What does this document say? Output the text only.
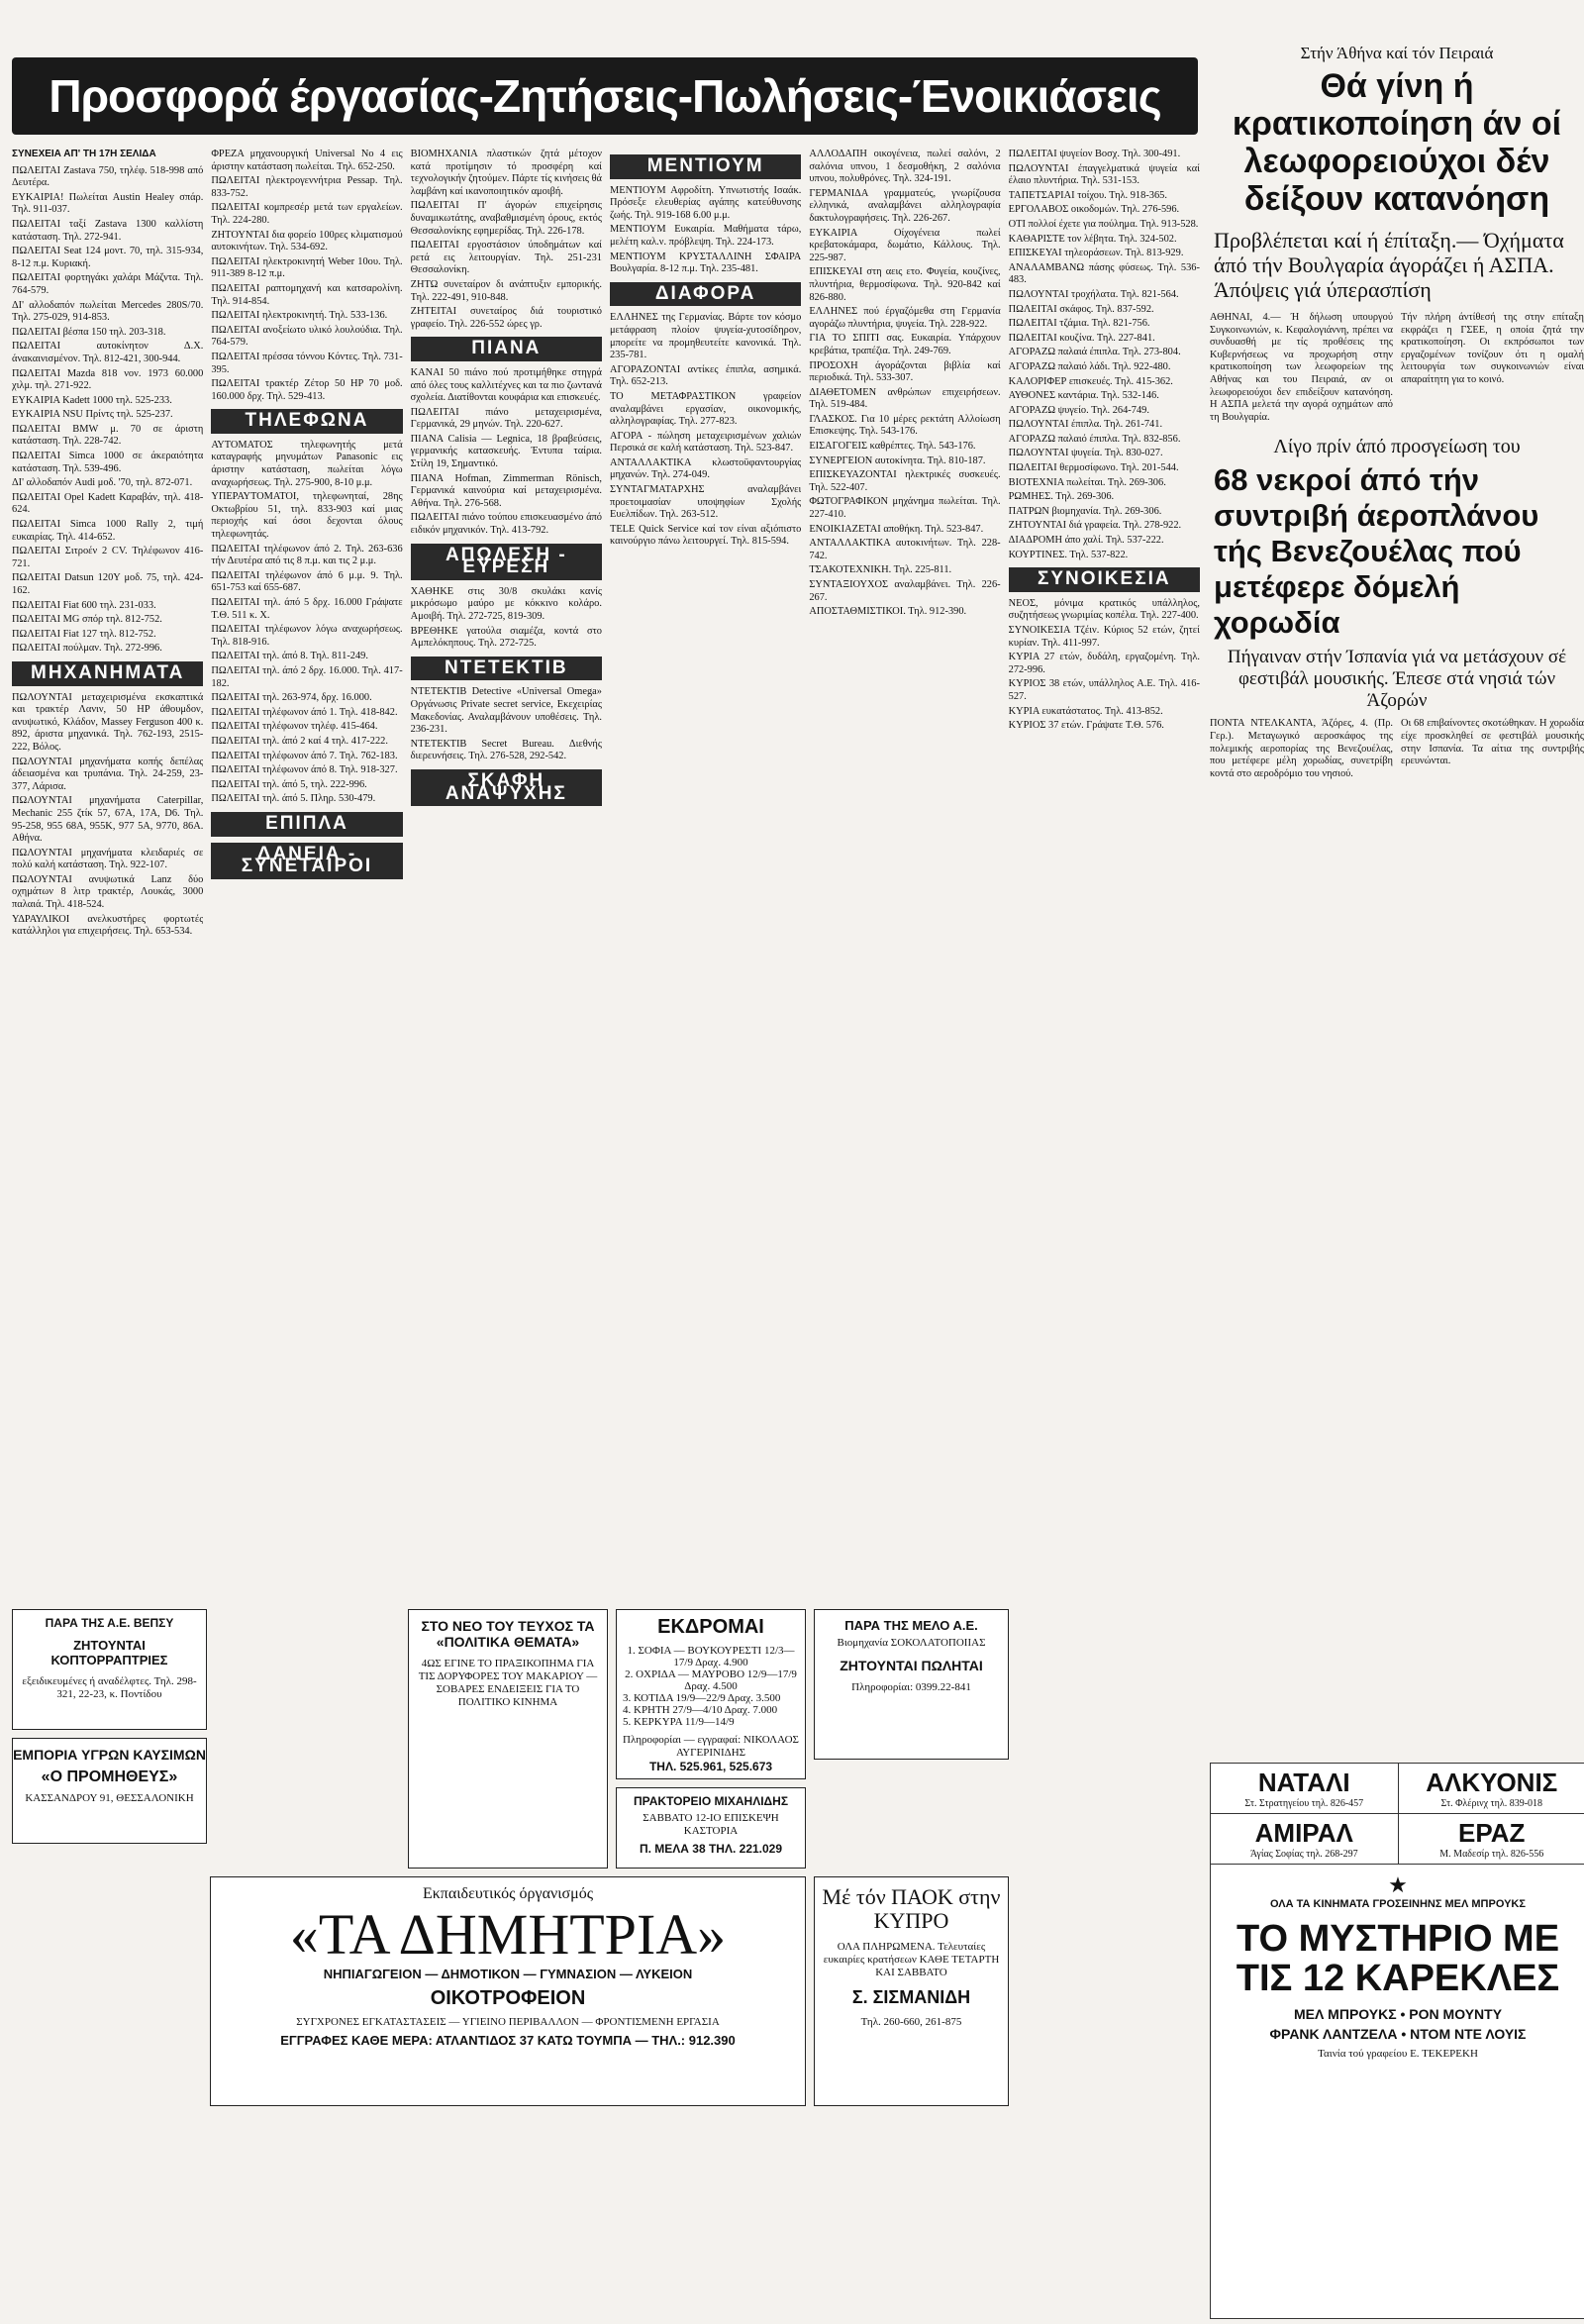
Προσφορά έργασίας-Ζητήσεις-Πωλήσεις-Ένοικιάσεις
ΣΥΝΕΧΕΙΑ ΑΠ' ΤΗ 17Η ΣΕΛΙΔΑ

ΠΩΛΕΙΤΑΙ Zastava 750, τηλέφ. 518-998 από Δευτέρα.

ΕΥΚΑΙΡΙΑ! Πωλείται Austin Healey σπάρ. Τηλ. 911-037.

ΠΩΛΕΙΤΑΙ ταξί Zastava 1300 καλλίστη κατάσταση. Τηλ. 272-941.

ΠΩΛΕΙΤΑΙ Seat 124 μοντ. 70, τηλ. 315-934, 8-12 π.μ. Κυριακή.

ΠΩΛΕΙΤΑΙ φορτηγάκι χαλάρι Μάζντα. Τηλ. 764-579.

ΔΙ' αλλοδαπόν πωλείται Mercedes 280S/70. Τηλ. 275-029, 914-853.

ΠΩΛΕΙΤΑΙ βέσπα 150 τηλ. 203-318.

ΠΩΛΕΙΤΑΙ αυτοκίνητον Δ.Χ. άνακαινισμένον. Τηλ. 812-421, 300-944.

ΠΩΛΕΙΤΑΙ Mazda 818 νον. 1973 60.000 χιλμ. τηλ. 271-922.

ΕΥΚΑΙΡΙΑ Kadett 1000 τηλ. 525-233.

ΕΥΚΑΙΡΙΑ NSU Πρίντς τηλ. 525-237.

ΠΩΛΕΙΤΑΙ BMW μ. 70 σε άριστη κατάσταση. Τηλ. 228-742.

ΠΩΛΕΙΤΑΙ Simca 1000 σε άκεραιότητα κατάσταση. Τηλ. 539-496.

ΔΙ' αλλοδαπόν Audi μοδ. '70, τηλ. 872-071.

ΠΩΛΕΙΤΑΙ Opel Kadett Καραβάν, τηλ. 418-624.

ΠΩΛΕΙΤΑΙ Simca 1000 Rally 2, τιμή ευκαιρίας. Τηλ. 414-652.

ΠΩΛΕΙΤΑΙ Σιτροέν 2 CV. Τηλέφωνον 416-721.

ΠΩΛΕΙΤΑΙ Datsun 120Y μοδ. 75, τηλ. 424-162.

ΠΩΛΕΙΤΑΙ Fiat 600 τηλ. 231-033.

ΠΩΛΕΙΤΑΙ MG σπόρ τηλ. 812-752.

ΠΩΛΕΙΤΑΙ Fiat 127 τηλ. 812-752.

ΠΩΛΕΙΤΑΙ πούλμαν. Τηλ. 272-996.

ΜΗΧΑΝΗΜΑΤΑ

ΠΩΛΟΥΝΤΑΙ μεταχειρισμένα εκσκαπτικά και τρακτέρ Λανιν, 50 HP άθουμδον, ανυψωτικό, Κλάδον, Massey Ferguson 400 κ. 892, άριστα μηχανικά. Τηλ. 762-193, 2515-222, Βόλος.

ΠΩΛΟΥΝΤΑΙ μηχανήματα κοπής δεπέλας άδειασμένα και τρυπάνια. Τηλ. 24-259, 23-377, Λάρισα.

ΠΩΛΟΥΝΤΑΙ μηχανήματα Caterpillar, Mechanic 255 ζτίκ 57, 67Α, 17Α, D6. Τηλ. 95-258, 955 68Α, 955Κ, 977 5Α, 9770, 86Α. Αθήνα.

ΠΩΛΟΥΝΤΑΙ μηχανήματα κλειδαριές σε πολύ καλή κατάσταση. Τηλ. 922-107.

ΠΩΛΟΥΝΤΑΙ ανυψωτικά Lanz δύο οχημάτων 8 λιτρ τρακτέρ, Λουκάς, 3000 παλαιά. Τηλ. 418-524.

ΥΔΡΑΥΛΙΚΟΙ ανελκυστήρες φορτωτές κατάλληλοι για επιχειρήσεις. Τηλ. 653-534.

ΦΡΕΖΑ μηχανουργική Universal No 4 εις άριστην κατάσταση πωλείται. Τηλ. 652-250.

ΠΩΛΕΙΤΑΙ ηλεκτρογεννήτρια Pessap. Τηλ. 833-752.

ΠΩΛΕΙΤΑΙ κομπρεσέρ μετά των εργαλείων. Τηλ. 224-280.

ΖΗΤΟΥΝΤΑΙ δια φορείο 100ρες κλιματισμού αυτοκινήτων. Τηλ. 534-692.

ΠΩΛΕΙΤΑΙ ηλεκτροκινητή Weber 10ου. Τηλ. 911-389 8-12 π.μ.

ΠΩΛΕΙΤΑΙ ραπτομηχανή και κατσαρολίνη. Τηλ. 914-854.

ΠΩΛΕΙΤΑΙ ηλεκτροκινητή. Τηλ. 533-136.

ΠΩΛΕΙΤΑΙ ανοξείωτο υλικό λουλούδια. Τηλ. 764-579.

ΠΩΛΕΙΤΑΙ πρέσσα τόννου Κόντες. Τηλ. 731-395.

ΠΩΛΕΙΤΑΙ τρακτέρ Ζέτορ 50 HP 70 μοδ. 160.000 δρχ. Τηλ. 529-413.

ΤΗΛΕΦΩΝΑ

ΑΥΤΟΜΑΤΟΣ τηλεφωνητής μετά καταγραφής μηνυμάτων Panasonic εις άριστην κατάσταση, πωλείται λόγω αναχωρήσεως. Τηλ. 275-900, 8-10 μ.μ.

ΥΠΕΡΑΥΤΟΜΑΤΟΙ, τηλεφωνηταί, 28ης Οκτωβρίου 51, τηλ. 833-903 καί μιας περιοχής καί όσοι δεχονται όλους τηλεφωνητάς.

ΠΩΛΕΙΤΑΙ τηλέφωνον άπό 2. Τηλ. 263-636 τήν Δευτέρα από τις 8 π.μ. και τις 2 μ.μ.

ΠΩΛΕΙΤΑΙ τηλέφωνον άπό 6 μ.μ. 9. Τηλ. 651-753 καί 655-687.

ΠΩΛΕΙΤΑΙ τηλ. άπό 5 δρχ. 16.000 Γράψατε Τ.Θ. 511 κ. Χ.

ΠΩΛΕΙΤΑΙ τηλέφωνον λόγω αναχωρήσεως. Τηλ. 818-916.

ΠΩΛΕΙΤΑΙ τηλ. άπό 8. Τηλ. 811-249.

ΠΩΛΕΙΤΑΙ τηλ. άπό 2 δρχ. 16.000. Τηλ. 417-182.

ΠΩΛΕΙΤΑΙ τηλ. 263-974, δρχ. 16.000.

ΠΩΛΕΙΤΑΙ τηλέφωνον άπό 1. Τηλ. 418-842.

ΠΩΛΕΙΤΑΙ τηλέφωνον τηλέφ. 415-464.

ΠΩΛΕΙΤΑΙ τηλ. άπό 2 καί 4 τηλ. 417-222.

ΠΩΛΕΙΤΑΙ τηλέφωνον άπό 7. Τηλ. 762-183.

ΠΩΛΕΙΤΑΙ τηλέφωνον άπό 8. Τηλ. 918-327.

ΠΩΛΕΙΤΑΙ τηλ. άπό 5, τηλ. 222-996.

ΠΩΛΕΙΤΑΙ τηλ. άπό 5. Πληρ. 530-479.

ΕΠΙΠΛΑ
ΔΑΝΕΙΑ - ΣΥΝΕΤΑΙΡΟΙ

ΒΙΟΜΗΧΑΝΙΑ πλαστικών ζητά μέτοχον κατά προτίμησιν τό προσφέρη καί τεχνολογικήν ζητούμεν. Πάρτε τίς κινήσεις θά λαμβάνη καί ικανοποιητικόν αμοιβή.

ΠΩΛΕΙΤΑΙ Π' άγορών επιχείρησις δυναμικωτάτης, αναβαθμισμένη όρους, εκτός Θεσσαλονίκης εφημερίδας. Τηλ. 226-178.

ΠΩΛΕΙΤΑΙ εργοστάσιον ύποδημάτων καί ρετά εις λειτουργίαν. Τηλ. 251-231 Θεσσαλονίκη.

ΖΗΤΩ συνεταίρον δι ανάπτυξιν εμπορικής. Τηλ. 222-491, 910-848.

ΖΗΤΕΙΤΑΙ συνεταίρος διά τουριστικό γραφείο. Τηλ. 226-552 ώρες γρ.

ΠΙΑΝΑ

ΚΑΝΑΙ 50 πιάνο πού προτιμήθηκε στηγρά από όλες τους καλλιτέχνες και τα πιο ζωντανά σχολεία. Διατίθονται κουφάρια και επισκευές.

ΠΩΛΕΙΤΑΙ πιάνο μεταχειρισμένα, Γερμανικά, 29 μηνών. Τηλ. 220-627.

ΠΙΑΝΑ Calisia — Legnica, 18 βραβεύσεις, γερμανικής κατασκευής. Έντυπα ταίρια. Στίλη 19, Σημαντικό.

ΠΙΑΝΑ Hofman, Zimmerman Rönisch, Γερμανικά καινούρια καί μεταχειρισμένα. Αθήνα. Τηλ. 276-568.

ΠΩΛΕΙΤΑΙ πιάνο τούπου επισκευασμένο άπό ειδικόν μηχανικόν. Τηλ. 413-792.

ΑΠΩΛΕΣΗ - ΕΥΡΕΣΗ

ΧΑΘΗΚΕ στις 30/8 σκυλάκι κανίς μικρόσωμο μαύρο με κόκκινο κολάρο. Αμοιβή. Τηλ. 272-725, 819-309.

ΒΡΕΘΗΚΕ γατούλα σιαμέζα, κοντά στο Αμπελόκηπους. Τηλ. 272-725.

ΝΤΕΤΕΚΤΙΒ

ΝΤΕΤΕΚΤΙΒ Detective «Universal Omega» Οργάνωσις Private secret service, Εκεχειρίας Μακεδονίας. Αναλαμβάνουν υποθέσεις. Τηλ. 236-231.

ΝΤΕΤΕΚΤΙΒ Secret Bureau. Διεθνής διερευνήσεις. Τηλ. 276-528, 292-542.

ΣΚΑΦΗ ΑΝΑΨΥΧΗΣ
ΜΕΝΤΙΟΥΜ

ΜΕΝΤΙΟΥΜ Αφροδίτη. Υπνωτιστής Ισαάκ. Πρόσεξε ελευθερίας αγάπης κατεύθυνσης ζωής. Τηλ. 919-168 6.00 μ.μ.

ΜΕΝΤΙΟΥΜ Ευκαιρία. Μαθήματα τάρω, μελέτη καλ.ν. πρόβλεψη. Τηλ. 224-173.

ΜΕΝΤΙΟΥΜ ΚΡΥΣΤΑΛΛΙΝΗ ΣΦΑΙΡΑ Βουλγαρία. 8-12 π.μ. Τηλ. 235-481.

ΔΙΑΦΟΡΑ

ΕΛΛΗΝΕΣ της Γερμανίας. Βάρτε τον κόσμο μετάφραση πλοίον ψυγεία-χυτοσίδηρον, μπορείτε να προμηθευτείτε κανονικά. Τηλ. 235-781.

ΑΓΟΡΑΖΟΝΤΑΙ αντίκες έπιπλα, ασημικά. Τηλ. 652-213.

ΤΟ ΜΕΤΑΦΡΑΣΤΙΚΟΝ γραφείον αναλαμβάνει εργασίαν, οικονομικής, αλληλογραφίας. Τηλ. 277-823.

ΑΓΟΡΑ - πώληση μεταχειρισμένων χαλιών Περσικά σε καλή κατάσταση. Τηλ. 523-847.

ΑΝΤΑΛΛΑΚΤΙΚΑ κλωστοϋφαντουργίας μηχανών. Τηλ. 274-049.

ΣΥΝΤΑΓΜΑΤΑΡΧΗΣ αναλαμβάνει προετοιμασίαν υποψηφίων Σχολής Ευελπίδων. Τηλ. 263-512.

TELE Quick Service καί τον είναι αξιόπιστο καινούργιο πάνω λειτουργεί. Τηλ. 815-594.

ΑΛΛΟΔΑΠΗ οικογένεια, πωλεί σαλόνι, 2 σαλόνια υπνου, 1 δεσμοθήκη, 2 σαλόνια υπνου, πολυθρόνες. Τηλ. 324-191.

ΓΕΡΜΑΝΙΔΑ γραμματεύς, γνωρίζουσα ελληνικά, αναλαμβάνει αλληλογραφία δακτυλογραφήσεις. Τηλ. 226-267.

ΕΥΚΑΙΡΙΑ Οίχογένεια πωλεί κρεβατοκάμαρα, δωμάτιο, Κάλλους. Τηλ. 225-987.

ΕΠΙΣΚΕΥΑΙ στη αεις ετο. Φυγεία, κουζίνες, πλυντήρια, θερμοσίφωνα. Τηλ. 920-842 καί 826-880.

ΕΛΛΗΝΕΣ πού έργαζόμεθα στη Γερμανία αγοράζω πλυντήρια, ψυγεία. Τηλ. 228-922.

ΓΙΑ ΤΟ ΣΠΙΤΙ σας. Ευκαιρία. Υπάρχουν κρεβάτια, τραπέζια. Τηλ. 249-769.

ΠΡΟΣΟΧΗ άγοράζονται βιβλία καί περιοδικά. Τηλ. 533-307.

ΔΙΑΘΕΤΟΜΕΝ ανθρώπων επιχειρήσεων. Τηλ. 519-484.

ΓΛΑΣΚΟΣ. Για 10 μέρες ρεκτάτη Αλλοίωση Επισκεψης. Τηλ. 543-176.

ΕΙΣΑΓΟΓΕΙΣ καθρέπτες. Τηλ. 543-176.

ΣΥΝΕΡΓΕΙΟΝ αυτοκίνητα. Τηλ. 810-187.

ΕΠΙΣΚΕΥΑΖΟΝΤΑΙ ηλεκτρικές συσκευές. Τηλ. 522-407.

ΦΩΤΟΓΡΑΦΙΚΟΝ μηχάνημα πωλείται. Τηλ. 227-410.

ΕΝΟΙΚΙΑΖΕΤΑΙ αποθήκη. Τηλ. 523-847.

ΑΝΤΑΛΛΑΚΤΙΚΑ αυτοκινήτων. Τηλ. 228-742.

ΤΣΑΚΟΤΕΧΝΙΚΗ. Τηλ. 225-811.

ΣΥΝΤΑΞΙΟΥΧΟΣ αναλαμβάνει. Τηλ. 226-267.

ΑΠΟΣΤΑΘΜΙΣΤΙΚΟΙ. Τηλ. 912-390.

ΠΩΛΕΙΤΑΙ ψυγείον Βοσχ. Τηλ. 300-491.

ΠΩΛΟΥΝΤΑΙ έπαγγελματικά ψυγεία καί έλαιο πλυντήρια. Τηλ. 531-153.

ΤΑΠΕΤΣΑΡΙΑΙ τοίχου. Τηλ. 918-365.

ΕΡΓΟΛΑΒΟΣ οικοδομών. Τηλ. 276-596.

ΟΤΙ πολλοί έχετε για πούλημα. Τηλ. 913-528.

ΚΑΘΑΡΙΣΤΕ τον λέβητα. Τηλ. 324-502.

ΕΠΙΣΚΕΥΑΙ τηλεοράσεων. Τηλ. 813-929.

ΑΝΑΛΑΜΒΑΝΩ πάσης φύσεως. Τηλ. 536-483.

ΠΩΛΟΥΝΤΑΙ τροχήλατα. Τηλ. 821-564.

ΠΩΛΕΙΤΑΙ σκάφος. Τηλ. 837-592.

ΠΩΛΕΙΤΑΙ τζάμια. Τηλ. 821-756.

ΠΩΛΕΙΤΑΙ κουζίνα. Τηλ. 227-841.

ΑΓΟΡΑΖΩ παλαιά έπιπλα. Τηλ. 273-804.

ΑΓΟΡΑΖΩ παλαιό λάδι. Τηλ. 922-480.

ΚΑΛΟΡΙΦΕΡ επισκευές. Τηλ. 415-362.

ΑΥΘΟΝΕΣ καντάρια. Τηλ. 532-146.

ΑΓΟΡΑΖΩ ψυγείο. Τηλ. 264-749.

ΠΩΛΟΥΝΤΑΙ έπιπλα. Τηλ. 261-741.

ΑΓΟΡΑΖΩ παλαιό έπιπλα. Τηλ. 832-856.

ΠΩΛΟΥΝΤΑΙ ψυγεία. Τηλ. 830-027.

ΠΩΛΕΙΤΑΙ θερμοσίφωνο. Τηλ. 201-544.

ΒΙΟΤΕΧΝΙΑ πωλείται. Τηλ. 269-306.

ΡΩΜΗΕΣ. Τηλ. 269-306.

ΠΑΤΡΩΝ βιομηχανία. Τηλ. 269-306.

ΖΗΤΟΥΝΤΑΙ διά γραφεία. Τηλ. 278-922.

ΔΙΑΔΡΟΜΗ άπο χαλί. Τηλ. 537-222.

ΚΟΥΡΤΙΝΕΣ. Τηλ. 537-822.

ΣΥΝΟΙΚΕΣΙΑ

ΝΕΟΣ, μόνιμα κρατικός υπάλληλος, συζητήσεως γνωριμίας κοπέλα. Τηλ. 227-400.

ΣΥΝΟΙΚΕΣΙΑ Τζέιν. Κύριος 52 ετών, ζητεί κυρίαν. Τηλ. 411-997.

ΚΥΡΙΑ 27 ετών, δυδάλη, εργαζομένη. Τηλ. 272-996.

ΚΥΡΙΟΣ 38 ετών, υπάλληλος Α.Ε. Τηλ. 416-527.

ΚΥΡΙΑ ευκατάστατος. Τηλ. 413-852.

ΚΥΡΙΟΣ 37 ετών. Γράψατε Τ.Θ. 576.

ΠΑΡΑ ΤΗΣ Α.Ε. ΒΕΠΣΥ
ΖΗΤΟΥΝΤΑΙ ΚΟΠΤΟΡΡΑΠΤΡΙΕΣ
εξειδικευμένες ή αναδέλφτες. Τηλ. 298-321, 22-23, κ. Ποντίδου
ΕΜΠΟΡΙΑ ΥΓΡΩΝ ΚΑΥΣΙΜΩΝ
«Ο ΠΡΟΜΗΘΕΥΣ»
ΚΑΣΣΑΝΔΡΟΥ 91, ΘΕΣΣΑΛΟΝΙΚΗ
ΣΤΟ ΝΕΟ ΤΟΥ ΤΕΥΧΟΣ ΤΑ «ΠΟΛΙΤΙΚΑ ΘΕΜΑΤΑ»
4ΩΣ ΕΓΙΝΕ ΤΟ ΠΡΑΞΙΚΟΠΗΜΑ ΓΙΑ ΤΙΣ ΔΟΡΥΦΟΡΕΣ ΤΟΥ ΜΑΚΑΡΙΟΥ — ΣΟΒΑΡΕΣ ΕΝΔΕΙΞΕΙΣ ΓΙΑ ΤΟ ΠΟΛΙΤΙΚΟ ΚΙΝΗΜΑ
ΕΚΔΡΟΜΑΙ
1. ΣΟΦΙΑ — ΒΟΥΚΟΥΡΕΣΤΙ 12/3—17/9 Δραχ. 4.900
2. ΟΧΡΙΔΑ — ΜΑΥΡΟΒΟ 12/9—17/9 Δραχ. 4.500
3. ΚΟΤΙΔΑ 19/9—22/9 Δραχ. 3.500
4. ΚΡΗΤΗ 27/9—4/10 Δραχ. 7.000
5. ΚΕΡΚΥΡΑ 11/9—14/9
Πληροφορίαι — εγγραφαί: ΝΙΚΟΛΑΟΣ ΑΥΓΕΡΙΝΙΔΗΣ
ΤΗΛ. 525.961, 525.673
ΠΡΑΚΤΟΡΕΙΟ ΜΙΧΑΗΛΙΔΗΣ
ΣΑΒΒΑΤΟ 12-ΙΟ ΕΠΙΣΚΕΨΗ ΚΑΣΤΟΡΙΑ
Π. ΜΕΛΑ 38 ΤΗΛ. 221.029
ΠΑΡΑ ΤΗΣ ΜΕΛΟ Α.Ε.
Βιομηχανία ΣΟΚΟΛΑΤΟΠΟΙΙΑΣ
ΖΗΤΟΥΝΤΑΙ ΠΩΛΗΤΑΙ
Πληροφορίαι: 0399.22-841
Εκπαιδευτικός όργανισμός
«ΤΑ ΔΗΜΗΤΡΙΑ»
ΝΗΠΙΑΓΩΓΕΙΟΝ — ΔΗΜΟΤΙΚΟΝ — ΓΥΜΝΑΣΙΟΝ — ΛΥΚΕΙΟΝ
ΟΙΚΟΤΡΟΦΕΙΟΝ
ΣΥΓΧΡΟΝΕΣ ΕΓΚΑΤΑΣΤΑΣΕΙΣ — ΥΓΙΕΙΝΟ ΠΕΡΙΒΑΛΛΟΝ — ΦΡΟΝΤΙΣΜΕΝΗ ΕΡΓΑΣΙΑ
ΕΓΓΡΑΦΕΣ ΚΑΘΕ ΜΕΡΑ: ΑΤΛΑΝΤΙΔΟΣ 37 ΚΑΤΩ ΤΟΥΜΠΑ — ΤΗΛ.: 912.390
Μέ τόν ΠΑΟΚ στην ΚΥΠΡΟ
ΟΛΑ ΠΛΗΡΩΜΕΝΑ. Τελευταίες ευκαιρίες κρατήσεων ΚΑΘΕ ΤΕΤΑΡΤΗ ΚΑΙ ΣΑΒΒΑΤΟ
Σ. ΣΙΣΜΑΝΙΔΗ
Τηλ. 260-660, 261-875
Στήν Άθήνα καί τόν Πειραιά
Θά γίνη ή κρατικοποίηση άν οί λεωφορειούχοι δέν δείξουν κατανόηση
Προβλέπεται καί ή έπίταξη.— Όχήματα άπό τήν Βουλγαρία άγοράζει ή ΑΣΠΑ. Άπόψεις γιά ύπερασπίση

ΑΘΗΝΑΙ, 4.— Ή δήλωση υπουργού Συγκοινωνιών, κ. Κεφαλογιάννη, πρέπει να συνδυασθή με τίς προθέσεις της Κυβερνήσεως να προχωρήση στην κρατικοποίηση των λεωφορείων της Αθήνας και του Πειραιά, αν οι λεωφορειούχοι δεν επιδείξουν κατανόηση. Η ΑΣΠΑ μελετά την αγορά οχημάτων από τη Βουλγαρία.

Τήν πλήρη άντίθεσή της στην επίταξη εκφράζει η ΓΣΕΕ, η οποία ζητά την κρατικοποίηση. Οι εκπρόσωποι των εργαζομένων τονίζουν ότι η ομαλή λειτουργία των συγκοινωνιών είναι απαραίτητη για το κοινό.

Λίγο πρίν άπό προσγείωση του
68 νεκροί άπό τήν συντριβή άεροπλάνου τής Βενεζουέλας πού μετέφερε δόμελή χορωδία
Πήγαιναν στήν Ίσπανία γιά να μετάσχουν σέ φεστιβάλ μουσικής. Έπεσε στά νησιά τών Άζορών

ΠΟΝΤΑ ΝΤΕΛΚΑΝΤΑ, Άζόρες, 4. (Πρ. Γερ.). Μεταγωγικό αεροσκάφος της πολεμικής αεροπορίας της Βενεζουέλας, που μετέφερε μέλη χορωδίας, συνετρίβη κοντά στο αεροδρόμιο του νησιού.

Οι 68 επιβαίνοντες σκοτώθηκαν. Η χορωδία είχε προσκληθεί σε φεστιβάλ μουσικής στην Ισπανία. Τα αίτια της συντριβής ερευνώνται.

ΝΑΤΑΛΙ
Στ. Στρατηγείου τηλ. 826-457
ΑΛΚΥΟΝΙΣ
Στ. Φλέρινχ τηλ. 839-018
ΑΜΙΡΑΛ
Άγίας Σοφίας τηλ. 268-297
ΕΡΑΖ
Μ. Μαδεσίρ τηλ. 826-556
★
ΟΛΑ ΤΑ ΚΙΝΗΜΑΤΑ ΓΡΟΣΕΙΝΗΝΣ ΜΕΛ ΜΠΡΟΥΚΣ
ΤΟ ΜΥΣΤΗΡΙΟ ΜΕ ΤΙΣ 12 ΚΑΡΕΚΛΕΣ
ΜΕΛ ΜΠΡΟΥΚΣ • ΡΟΝ ΜΟΥΝΤΥ
ΦΡΑΝΚ ΛΑΝΤΖΕΛΑ • ΝΤΟΜ ΝΤΕ ΛΟΥΙΣ
Ταινία τού γραφείου Ε. ΤΕΚΕΡΕΚΗ
